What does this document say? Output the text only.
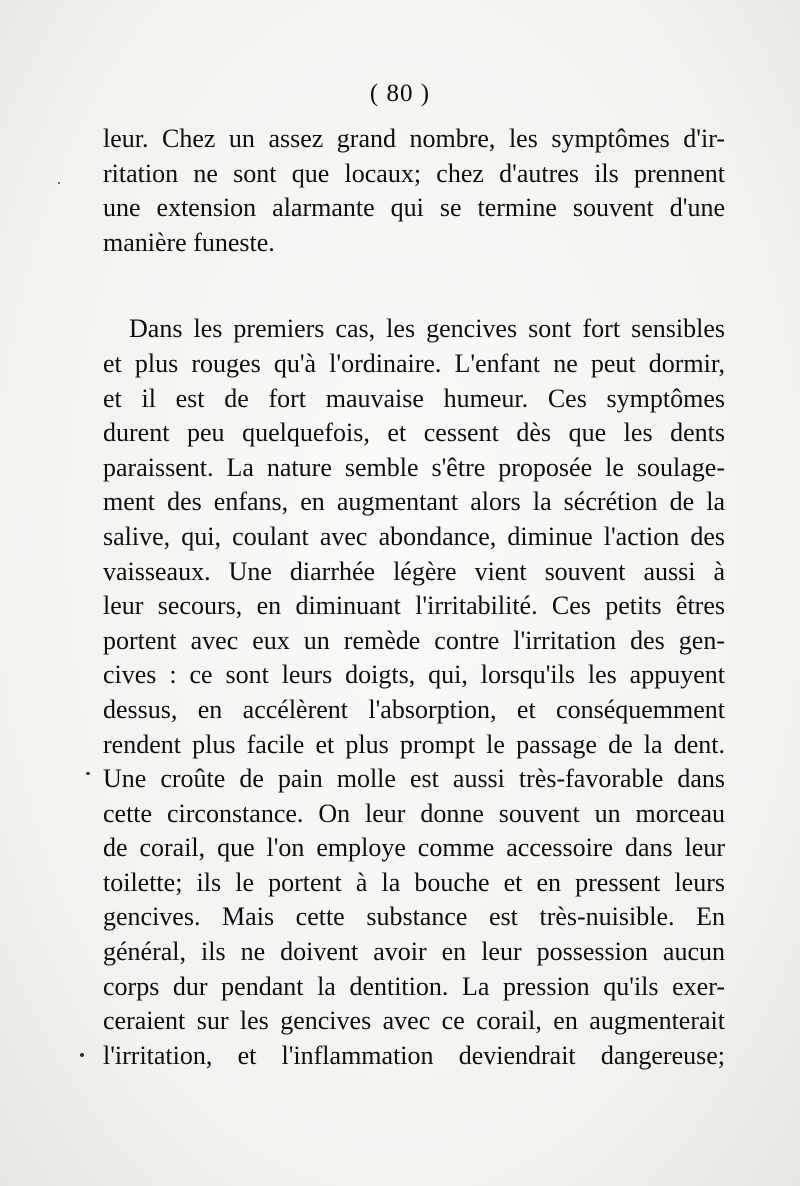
( 80 )
leur. Chez un assez grand nombre, les symptômes d'ir-
ritation ne sont que locaux; chez d'autres ils prennent
une extension alarmante qui se termine souvent d'une
manière funeste.
Dans les premiers cas, les gencives sont fort sensibles
et plus rouges qu'à l'ordinaire. L'enfant ne peut dormir,
et il est de fort mauvaise humeur. Ces symptômes
durent peu quelquefois, et cessent dès que les dents
paraissent. La nature semble s'être proposée le soulage-
ment des enfans, en augmentant alors la sécrétion de la
salive, qui, coulant avec abondance, diminue l'action des
vaisseaux. Une diarrhée légère vient souvent aussi à
leur secours, en diminuant l'irritabilité. Ces petits êtres
portent avec eux un remède contre l'irritation des gen-
cives : ce sont leurs doigts, qui, lorsqu'ils les appuyent
dessus, en accélèrent l'absorption, et conséquemment
rendent plus facile et plus prompt le passage de la dent.
Une croûte de pain molle est aussi très-favorable dans
cette circonstance. On leur donne souvent un morceau
de corail, que l'on employe comme accessoire dans leur
toilette; ils le portent à la bouche et en pressent leurs
gencives. Mais cette substance est très-nuisible. En
général, ils ne doivent avoir en leur possession aucun
corps dur pendant la dentition. La pression qu'ils exer-
ceraient sur les gencives avec ce corail, en augmenterait
l'irritation, et l'inflammation deviendrait dangereuse;
